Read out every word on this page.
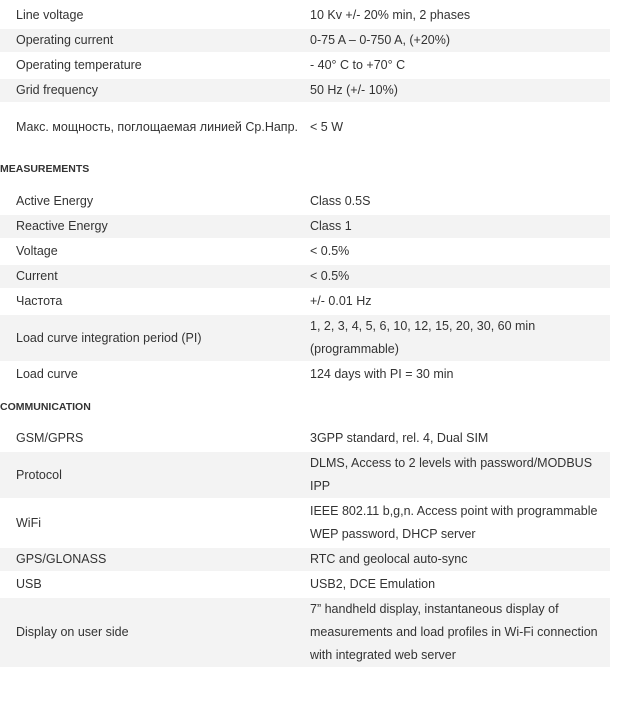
Line voltage	10 Kv +/- 20% min, 2 phases
Operating current	0-75 A – 0-750 A, (+20%)
Operating temperature	- 40° C to +70° C
Grid frequency	50 Hz (+/- 10%)
Макс. мощность, поглощаемая линией Ср.Напр.	< 5 W
MEASUREMENTS
Active Energy	Class 0.5S
Reactive Energy	Class 1
Voltage	< 0.5%
Current	< 0.5%
Частота	+/- 0.01 Hz
Load curve integration period (PI)	1, 2, 3, 4, 5, 6, 10, 12, 15, 20, 30, 60 min (programmable)
Load curve	124 days with PI = 30 min
COMMUNICATION
GSM/GPRS	3GPP standard, rel. 4, Dual SIM
Protocol	DLMS, Access to 2 levels with password/MODBUS IPP
WiFi	IEEE 802.11 b,g,n. Access point with programmable WEP password, DHCP server
GPS/GLONASS	RTC and geolocal auto-sync
USB	USB2, DCE Emulation
Display on user side	7” handheld display, instantaneous display of measurements and load profiles in Wi-Fi connection with integrated web server
